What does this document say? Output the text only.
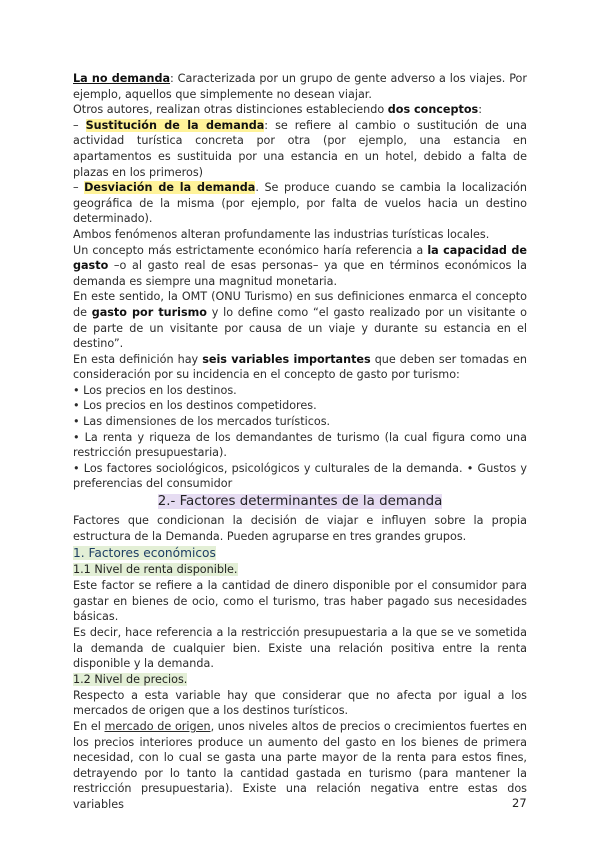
La no demanda: Caracterizada por un grupo de gente adverso a los viajes. Por ejemplo, aquellos que simplemente no desean viajar.

Otros autores, realizan otras distinciones estableciendo dos conceptos:

– Sustitución de la demanda: se refiere al cambio o sustitución de una actividad turística concreta por otra (por ejemplo, una estancia en apartamentos es sustituida por una estancia en un hotel, debido a falta de plazas en los primeros)

– Desviación de la demanda. Se produce cuando se cambia la localización geográfica de la misma (por ejemplo, por falta de vuelos hacia un destino determinado).

Ambos fenómenos alteran profundamente las industrias turísticas locales.

Un concepto más estrictamente económico haría referencia a la capacidad de gasto –o al gasto real de esas personas– ya que en términos económicos la demanda es siempre una magnitud monetaria.

En este sentido, la OMT (ONU Turismo) en sus definiciones enmarca el concepto de gasto por turismo y lo define como “el gasto realizado por un visitante o de parte de un visitante por causa de un viaje y durante su estancia en el destino”.

En esta definición hay seis variables importantes que deben ser tomadas en consideración por su incidencia en el concepto de gasto por turismo:

• Los precios en los destinos.

• Los precios en los destinos competidores.

• Las dimensiones de los mercados turísticos.

• La renta y riqueza de los demandantes de turismo (la cual figura como una restricción presupuestaria).

• Los factores sociológicos, psicológicos y culturales de la demanda. • Gustos y preferencias del consumidor

2.- Factores determinantes de la demanda

Factores que condicionan la decisión de viajar e influyen sobre la propia estructura de la Demanda. Pueden agruparse en tres grandes grupos.

1. Factores económicos
1.1 Nivel de renta disponible.

Este factor se refiere a la cantidad de dinero disponible por el consumidor para gastar en bienes de ocio, como el turismo, tras haber pagado sus necesidades básicas.

Es decir, hace referencia a la restricción presupuestaria a la que se ve sometida la demanda de cualquier bien. Existe una relación positiva entre la renta disponible y la demanda.

1.2 Nivel de precios.

Respecto a esta variable hay que considerar que no afecta por igual a los mercados de origen que a los destinos turísticos.

En el mercado de origen, unos niveles altos de precios o crecimientos fuertes en los precios interiores produce un aumento del gasto en los bienes de primera necesidad, con lo cual se gasta una parte mayor de la renta para estos fines, detrayendo por lo tanto la cantidad gastada en turismo (para mantener la restricción presupuestaria). Existe una relación negativa entre estas dos variables	27
